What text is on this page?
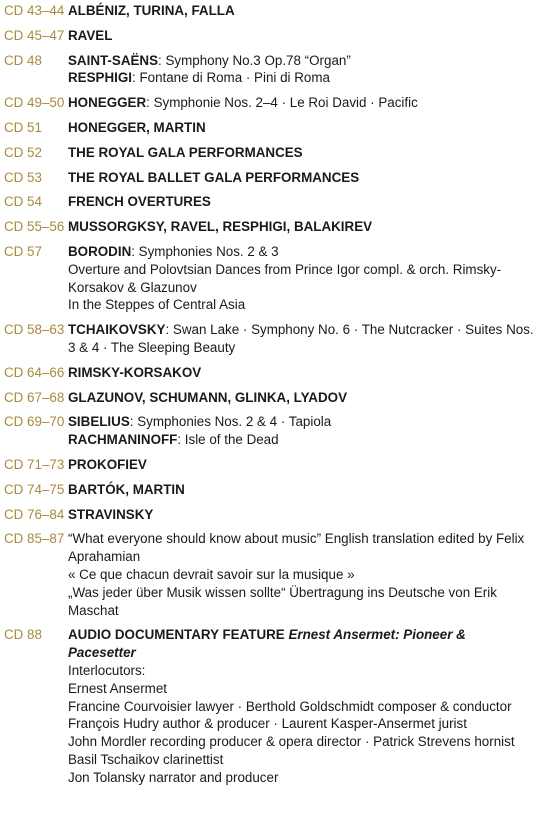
CD 43–44 ALBÉNIZ, TURINA, FALLA
CD 45–47 RAVEL
CD 48	SAINT-SAËNS: Symphony No.3 Op.78 “Organ”
RESPHIGI: Fontane di Roma · Pini di Roma
CD 49–50 HONEGGER: Symphonie Nos. 2–4 · Le Roi David · Pacific
CD 51	HONEGGER, MARTIN
CD 52	THE ROYAL GALA PERFORMANCES
CD 53	THE ROYAL BALLET GALA PERFORMANCES
CD 54	FRENCH OVERTURES
CD 55–56 MUSSORGKSY, RAVEL, RESPHIGI, BALAKIREV
CD 57	BORODIN: Symphonies Nos. 2 & 3
Overture and Polovtsian Dances from Prince Igor compl. & orch. Rimsky-Korsakov & Glazunov
In the Steppes of Central Asia
CD 58–63 TCHAIKOVSKY: Swan Lake · Symphony No. 6 · The Nutcracker · Suites Nos. 3 & 4 · The Sleeping Beauty
CD 64–66 RIMSKY-KORSAKOV
CD 67–68 GLAZUNOV, SCHUMANN, GLINKA, LYADOV
CD 69–70 SIBELIUS: Symphonies Nos. 2 & 4 · Tapiola
RACHMANINOFF: Isle of the Dead
CD 71–73 PROKOFIEV
CD 74–75 BARTÓK, MARTIN
CD 76–84 STRAVINSKY
CD 85–87 “What everyone should know about music” English translation edited by Felix Aprahamian
« Ce que chacun devrait savoir sur la musique »
„Was jeder über Musik wissen sollte“ Übertragung ins Deutsche von Erik Maschat
CD 88	AUDIO DOCUMENTARY FEATURE Ernest Ansermet: Pioneer & Pacesetter
Interlocutors:
Ernest Ansermet
Francine Courvoisier lawyer · Berthold Goldschmidt composer & conductor
François Hudry author & producer · Laurent Kasper-Ansermet jurist
John Mordler recording producer & opera director · Patrick Strevens hornist
Basil Tschaikov clarinettist
Jon Tolansky narrator and producer
